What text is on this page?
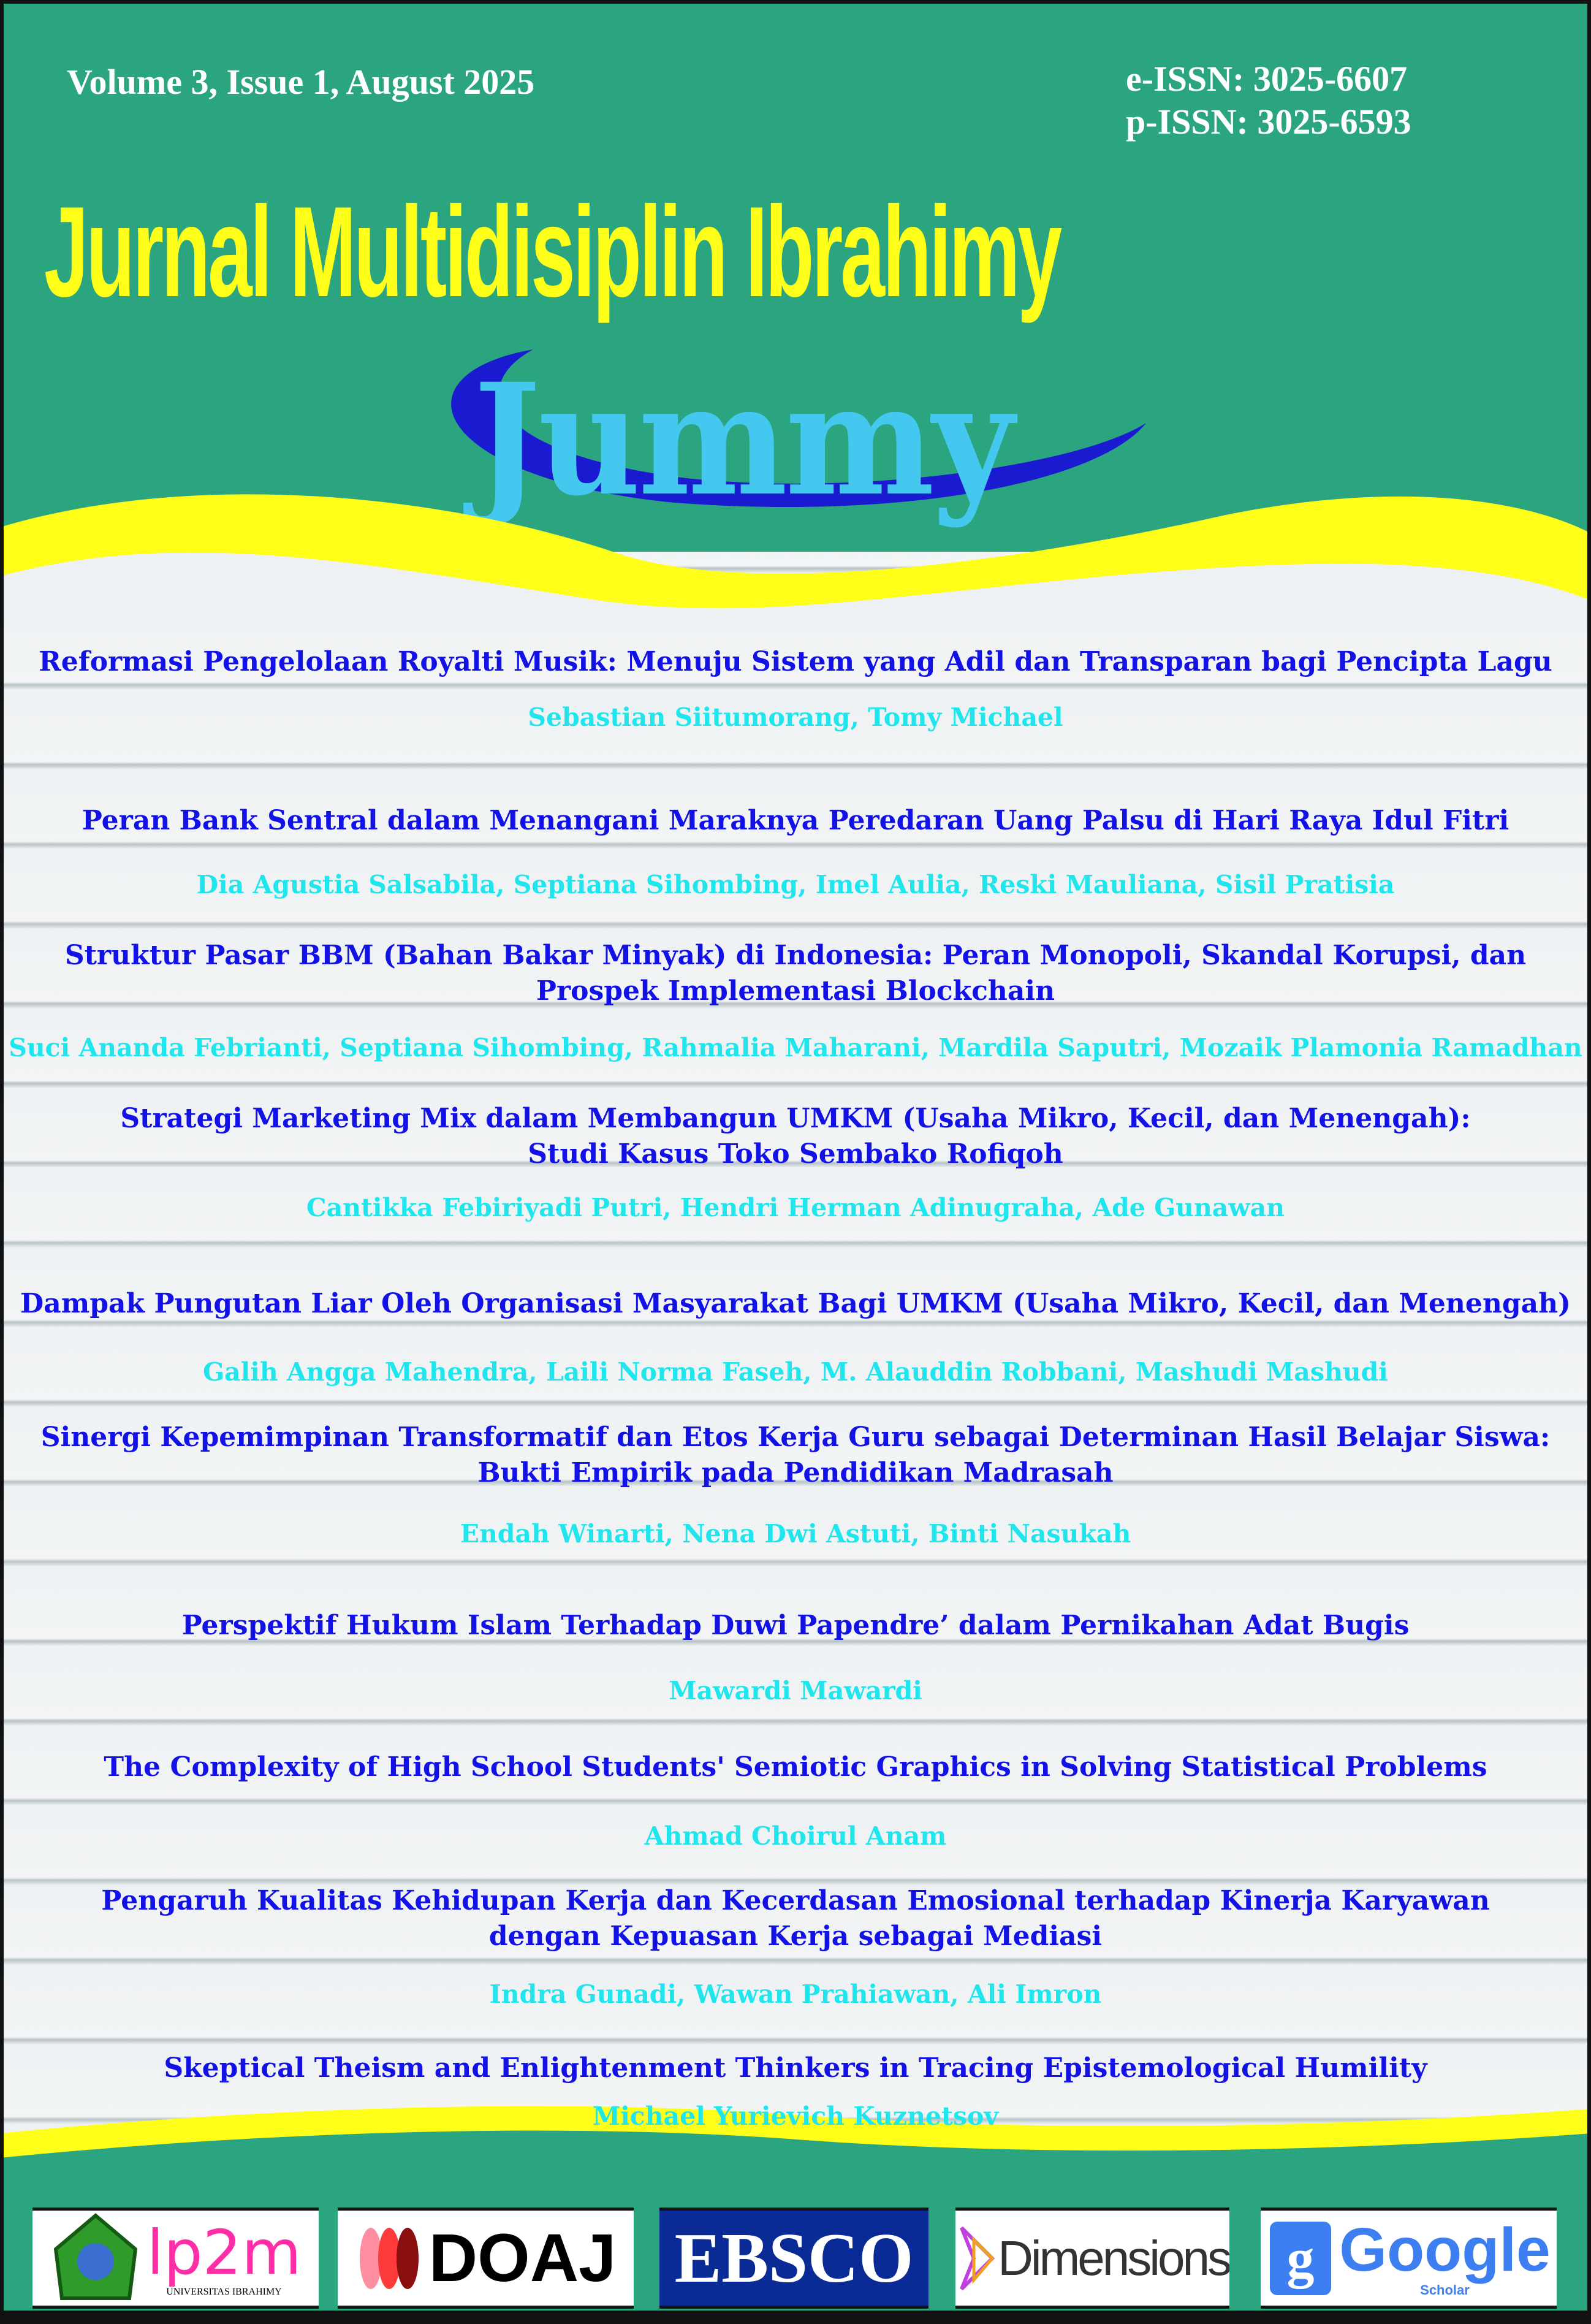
Volume 3, Issue 1, August 2025	e-ISSN: 3025-6607
p-ISSN: 3025-6593
Jurnal Multidisiplin Ibrahimy
Jummy
Reformasi Pengelolaan Royalti Musik: Menuju Sistem yang Adil dan Transparan bagi Pencipta Lagu
Sebastian Siitumorang, Tomy Michael
Peran Bank Sentral dalam Menangani Maraknya Peredaran Uang Palsu di Hari Raya Idul Fitri
Dia Agustia Salsabila, Septiana Sihombing, Imel Aulia, Reski Mauliana, Sisil Pratisia
Struktur Pasar BBM (Bahan Bakar Minyak) di Indonesia: Peran Monopoli, Skandal Korupsi, dan
Prospek Implementasi Blockchain
Suci Ananda Febrianti, Septiana Sihombing, Rahmalia Maharani, Mardila Saputri, Mozaik Plamonia Ramadhan
Strategi Marketing Mix dalam Membangun UMKM (Usaha Mikro, Kecil, dan Menengah):
Studi Kasus Toko Sembako Rofiqoh
Cantikka Febiriyadi Putri, Hendri Herman Adinugraha, Ade Gunawan
Dampak Pungutan Liar Oleh Organisasi Masyarakat Bagi UMKM (Usaha Mikro, Kecil, dan Menengah)
Galih Angga Mahendra, Laili Norma Faseh, M. Alauddin Robbani, Mashudi Mashudi
Sinergi Kepemimpinan Transformatif dan Etos Kerja Guru sebagai Determinan Hasil Belajar Siswa:
Bukti Empirik pada Pendidikan Madrasah
Endah Winarti, Nena Dwi Astuti, Binti Nasukah
Perspektif Hukum Islam Terhadap Duwi Papendre’ dalam Pernikahan Adat Bugis
Mawardi Mawardi
The Complexity of High School Students' Semiotic Graphics in Solving Statistical Problems
Ahmad Choirul Anam
Pengaruh Kualitas Kehidupan Kerja dan Kecerdasan Emosional terhadap Kinerja Karyawan
dengan Kepuasan Kerja sebagai Mediasi
Indra Gunadi, Wawan Prahiawan, Ali Imron
Skeptical Theism and Enlightenment Thinkers in Tracing Epistemological Humility
Michael Yurievich Kuznetsov
lp2m
UNIVERSITAS IBRAHIMY DOAJ EBSCO Dimensions g Google
Scholar
